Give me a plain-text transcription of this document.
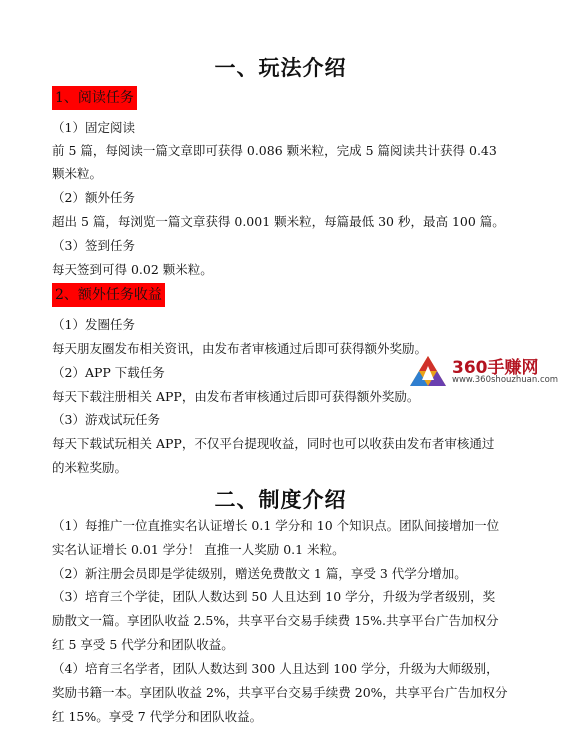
一、玩法介绍
1、阅读任务
（1）固定阅读
前 5 篇，每阅读一篇文章即可获得 0.086 颗米粒，完成 5 篇阅读共计获得 0.43
颗米粒。
（2）额外任务
超出 5 篇，每浏览一篇文章获得 0.001 颗米粒，每篇最低 30 秒，最高 100 篇。
（3）签到任务
每天签到可得 0.02 颗米粒。
2、额外任务收益
（1）发圈任务
每天朋友圈发布相关资讯，由发布者审核通过后即可获得额外奖励。
（2）APP 下载任务
每天下载注册相关 APP，由发布者审核通过后即可获得额外奖励。
（3）游戏试玩任务
每天下载试玩相关 APP，不仅平台提现收益，同时也可以收获由发布者审核通过
的米粒奖励。
二、制度介绍
（1）每推广一位直推实名认证增长 0.1 学分和 10 个知识点。团队间接增加一位
实名认证增长 0.01 学分！ 直推一人奖励 0.1 米粒。
（2）新注册会员即是学徒级别，赠送免费散文 1 篇，享受 3 代学分增加。
（3）培育三个学徒，团队人数达到 50 人且达到 10 学分，升级为学者级别，奖
励散文一篇。享团队收益 2.5%，共享平台交易手续费 15%.共享平台广告加权分
红 5 享受 5 代学分和团队收益。
（4）培育三名学者，团队人数达到 300 人且达到 100 学分，升级为大师级别，
奖励书籍一本。享团队收益 2%，共享平台交易手续费 20%，共享平台广告加权分
红 15%。享受 7 代学分和团队收益。
360手赚网
www.360shouzhuan.com
